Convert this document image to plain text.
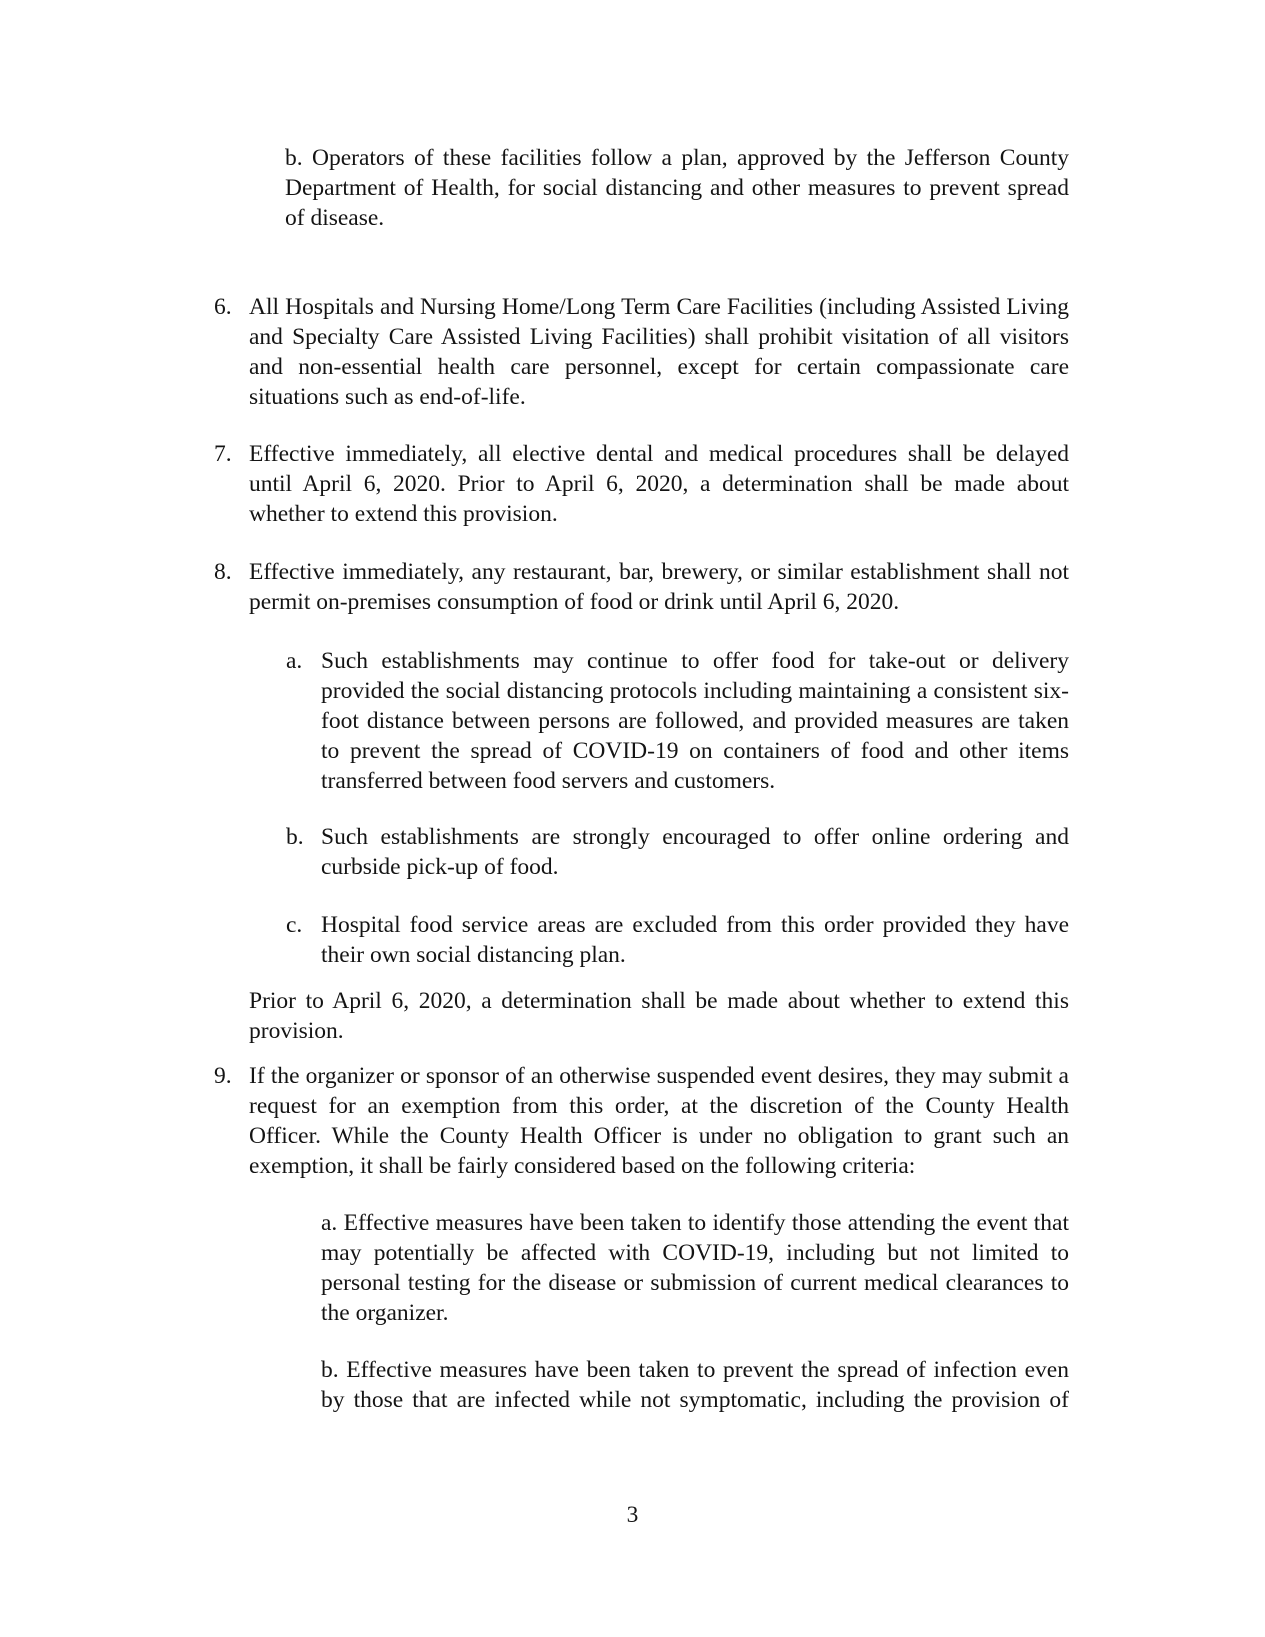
b. Operators of these facilities follow a plan, approved by the Jefferson County Department of Health, for social distancing and other measures to prevent spread of disease.

6. All Hospitals and Nursing Home/Long Term Care Facilities (including Assisted Living and Specialty Care Assisted Living Facilities) shall prohibit visitation of all visitors and non-essential health care personnel, except for certain compassionate care situations such as end-of-life.

7. Effective immediately, all elective dental and medical procedures shall be delayed until April 6, 2020. Prior to April 6, 2020, a determination shall be made about whether to extend this provision.

8. Effective immediately, any restaurant, bar, brewery, or similar establishment shall not permit on-premises consumption of food or drink until April 6, 2020.

a. Such establishments may continue to offer food for take-out or delivery provided the social distancing protocols including maintaining a consistent six-foot distance between persons are followed, and provided measures are taken to prevent the spread of COVID-19 on containers of food and other items transferred between food servers and customers.

b. Such establishments are strongly encouraged to offer online ordering and curbside pick-up of food.

c. Hospital food service areas are excluded from this order provided they have their own social distancing plan.

Prior to April 6, 2020, a determination shall be made about whether to extend this provision.

9. If the organizer or sponsor of an otherwise suspended event desires, they may submit a request for an exemption from this order, at the discretion of the County Health Officer. While the County Health Officer is under no obligation to grant such an exemption, it shall be fairly considered based on the following criteria:

a. Effective measures have been taken to identify those attending the event that may potentially be affected with COVID-19, including but not limited to personal testing for the disease or submission of current medical clearances to the organizer.

b. Effective measures have been taken to prevent the spread of infection even by those that are infected while not symptomatic, including the provision of

3
